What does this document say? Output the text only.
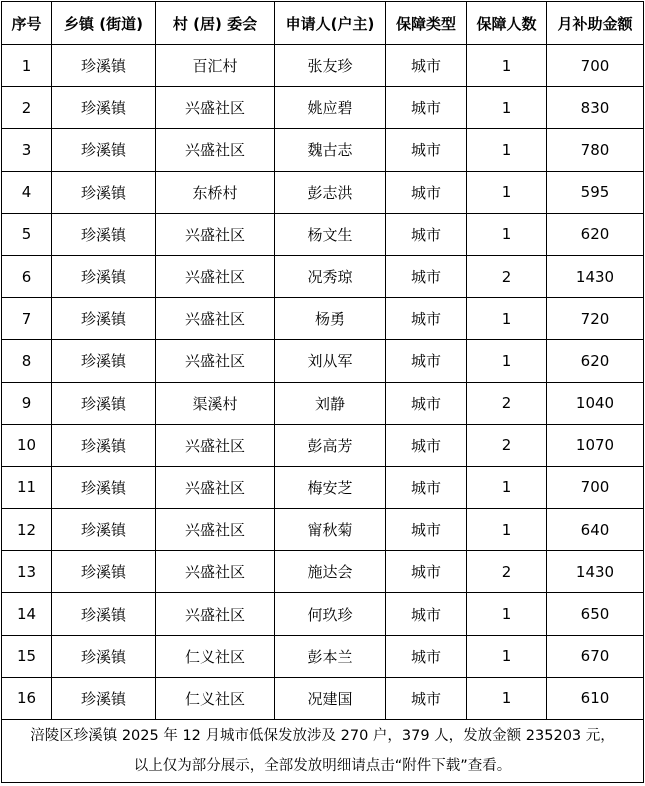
序号	乡镇 (街道)	村 (居) 委会	申请人(户主)	保障类型	保障人数	月补助金额
1	珍溪镇	百汇村	张友珍	城市	1	700
2	珍溪镇	兴盛社区	姚应碧	城市	1	830
3	珍溪镇	兴盛社区	魏古志	城市	1	780
4	珍溪镇	东桥村	彭志洪	城市	1	595
5	珍溪镇	兴盛社区	杨文生	城市	1	620
6	珍溪镇	兴盛社区	况秀琼	城市	2	1430
7	珍溪镇	兴盛社区	杨勇	城市	1	720
8	珍溪镇	兴盛社区	刘从军	城市	1	620
9	珍溪镇	渠溪村	刘静	城市	2	1040
10	珍溪镇	兴盛社区	彭高芳	城市	2	1070
11	珍溪镇	兴盛社区	梅安芝	城市	1	700
12	珍溪镇	兴盛社区	甯秋菊	城市	1	640
13	珍溪镇	兴盛社区	施达会	城市	2	1430
14	珍溪镇	兴盛社区	何玖珍	城市	1	650
15	珍溪镇	仁义社区	彭本兰	城市	1	670
16	珍溪镇	仁义社区	况建国	城市	1	610

涪陵区珍溪镇 2025 年 12 月城市低保发放涉及 270 户，379 人，发放金额 235203 元，
以上仅为部分展示，全部发放明细请点击“附件下载”查看。						
